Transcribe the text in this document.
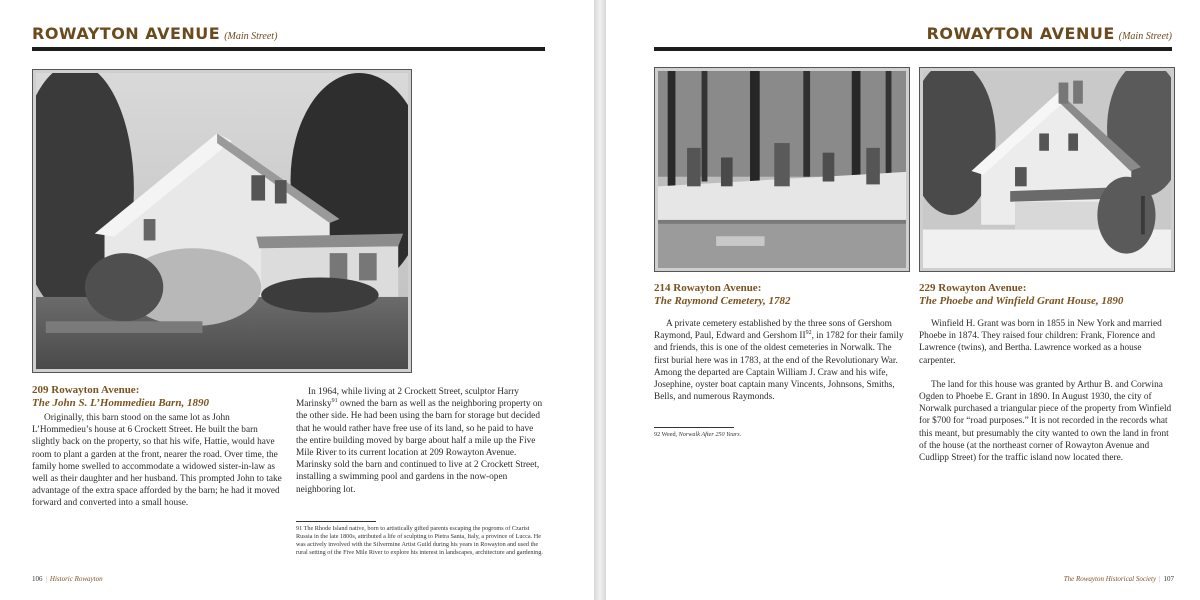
ROWAYTON AVENUE (Main Street)
209 Rowayton Avenue:
The John S. L’Hommedieu Barn, 1890

Originally, this barn stood on the same lot as John L’Hommedieu’s house at 6 Crockett Street. He built the barn slightly back on the property, so that his wife, Hattie, would have room to plant a garden at the front, nearer the road. Over time, the family home swelled to accommodate a widowed sister-in-law as well as their daughter and her husband. This prompted John to take advantage of the extra space afforded by the barn; he had it moved forward and converted into a small house.

In 1964, while living at 2 Crockett Street, sculptor Harry Marinsky$^{91}$ owned the barn as well as the neighboring property on the other side. He had been using the barn for storage but decided that he would rather have free use of its land, so he paid to have the entire building moved by barge about half a mile up the Five Mile River to its current location at 209 Rowayton Avenue. Marinsky sold the barn and continued to live at 2 Crockett Street, installing a swimming pool and gardens in the now-open neighboring lot.

91 The Rhode Island native, born to artistically gifted parents escaping the pogroms of Czarist Russia in the late 1800s, attributed a life of sculpting to Pietra Santa, Italy, a province of Lucca. He was actively involved with the Silvermine Artist Guild during his years in Rowayton and used the rural setting of the Five Mile River to explore his interest in landscapes, architecture and gardening.
106 | Historic Rowayton
ROWAYTON AVENUE (Main Street)
214 Rowayton Avenue:
The Raymond Cemetery, 1782

A private cemetery established by the three sons of Gershom Raymond, Paul, Edward and Gershom II$^{92}$, in 1782 for their family and friends, this is one of the oldest cemeteries in Norwalk. The first burial here was in 1783, at the end of the Revolutionary War. Among the departed are Captain William J. Craw and his wife, Josephine, oyster boat captain many Vincents, Johnsons, Smiths, Bells, and numerous Raymonds.

92 Weed, Norwalk After 250 Years.
229 Rowayton Avenue:
The Phoebe and Winfield Grant House, 1890

Winfield H. Grant was born in 1855 in New York and married Phoebe in 1874. They raised four children: Frank, Florence and Lawrence (twins), and Bertha. Lawrence worked as a house carpenter.

The land for this house was granted by Arthur B. and Corwina Ogden to Phoebe E. Grant in 1890. In August 1930, the city of Norwalk purchased a triangular piece of the property from Winfield for $700 for “road purposes.” It is not recorded in the records what this meant, but presumably the city wanted to own the land in front of the house (at the northeast corner of Rowayton Avenue and Cudlipp Street) for the traffic island now located there.

The Rowayton Historical Society | 107
